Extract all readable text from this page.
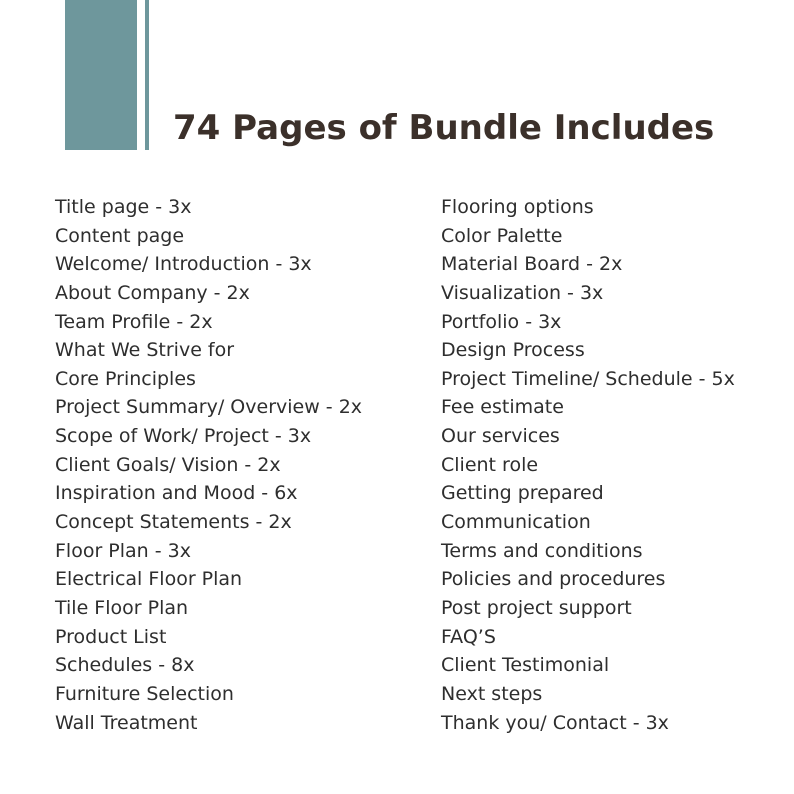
74 Pages of Bundle Includes
Title page - 3x
Content page
Welcome/ Introduction - 3x
About Company - 2x
Team Profile - 2x
What We Strive for
Core Principles
Project Summary/ Overview - 2x
Scope of Work/ Project - 3x
Client Goals/ Vision - 2x
Inspiration and Mood - 6x
Concept Statements - 2x
Floor Plan - 3x
Electrical Floor Plan
Tile Floor Plan
Product List
Schedules - 8x
Furniture Selection
Wall Treatment
Flooring options
Color Palette
Material Board - 2x
Visualization - 3x
Portfolio - 3x
Design Process
Project Timeline/ Schedule - 5x
Fee estimate
Our services
Client role
Getting prepared
Communication
Terms and conditions
Policies and procedures
Post project support
FAQ’S
Client Testimonial
Next steps
Thank you/ Contact - 3x
